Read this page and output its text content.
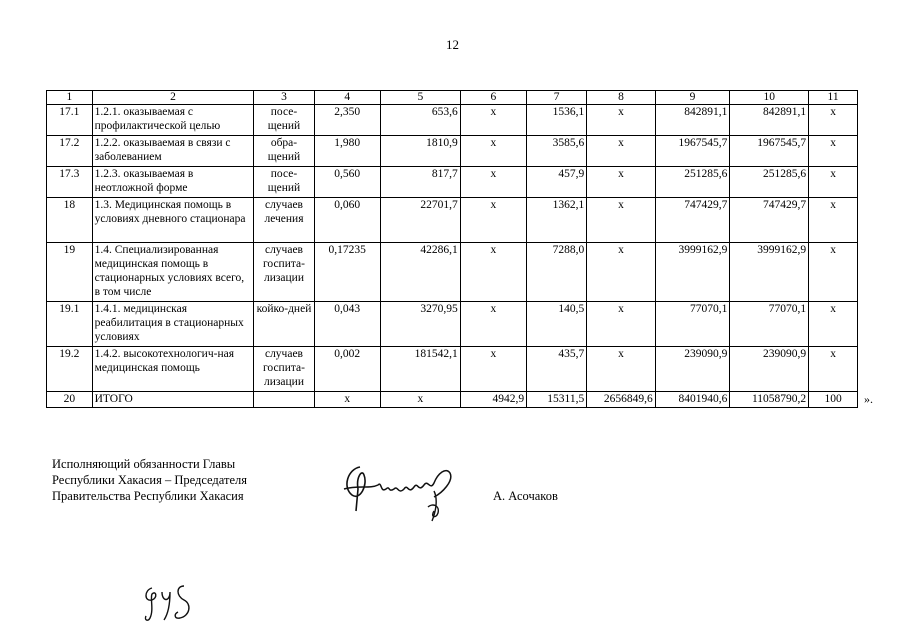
12
1	2	3	4	5	6	7	8	9	10	11
17.1	1.2.1. оказываемая с профилактической целью	посе-щений	2,350	653,6	х	1536,1	х	842891,1	842891,1	х
17.2	1.2.2. оказываемая в связи с заболеванием	обра-щений	1,980	1810,9	х	3585,6	х	1967545,7	1967545,7	х
17.3	1.2.3. оказываемая в неотложной форме	посе-щений	0,560	817,7	х	457,9	х	251285,6	251285,6	х
18	1.3. Медицинская помощь в условиях дневного стационара	случаев лечения	0,060	22701,7	х	1362,1	х	747429,7	747429,7	х
19	1.4. Специализированная медицинская помощь в стационарных условиях всего, в том числе	случаев госпита-лизации	0,17235	42286,1	х	7288,0	х	3999162,9	3999162,9	х
19.1	1.4.1. медицинская реабилитация в стационарных условиях	койко-дней	0,043	3270,95	х	140,5	х	77070,1	77070,1	х
19.2	1.4.2. высокотехнологич-ная медицинская помощь	случаев госпита-лизации	0,002	181542,1	х	435,7	х	239090,9	239090,9	х
20	ИТОГО		х	х	4942,9	15311,5	2656849,6	8401940,6	11058790,2	100 ».
Исполняющий обязанности Главы
Республики Хакасия – Председателя
Правительства Республики Хакасия	А. Асочаков
